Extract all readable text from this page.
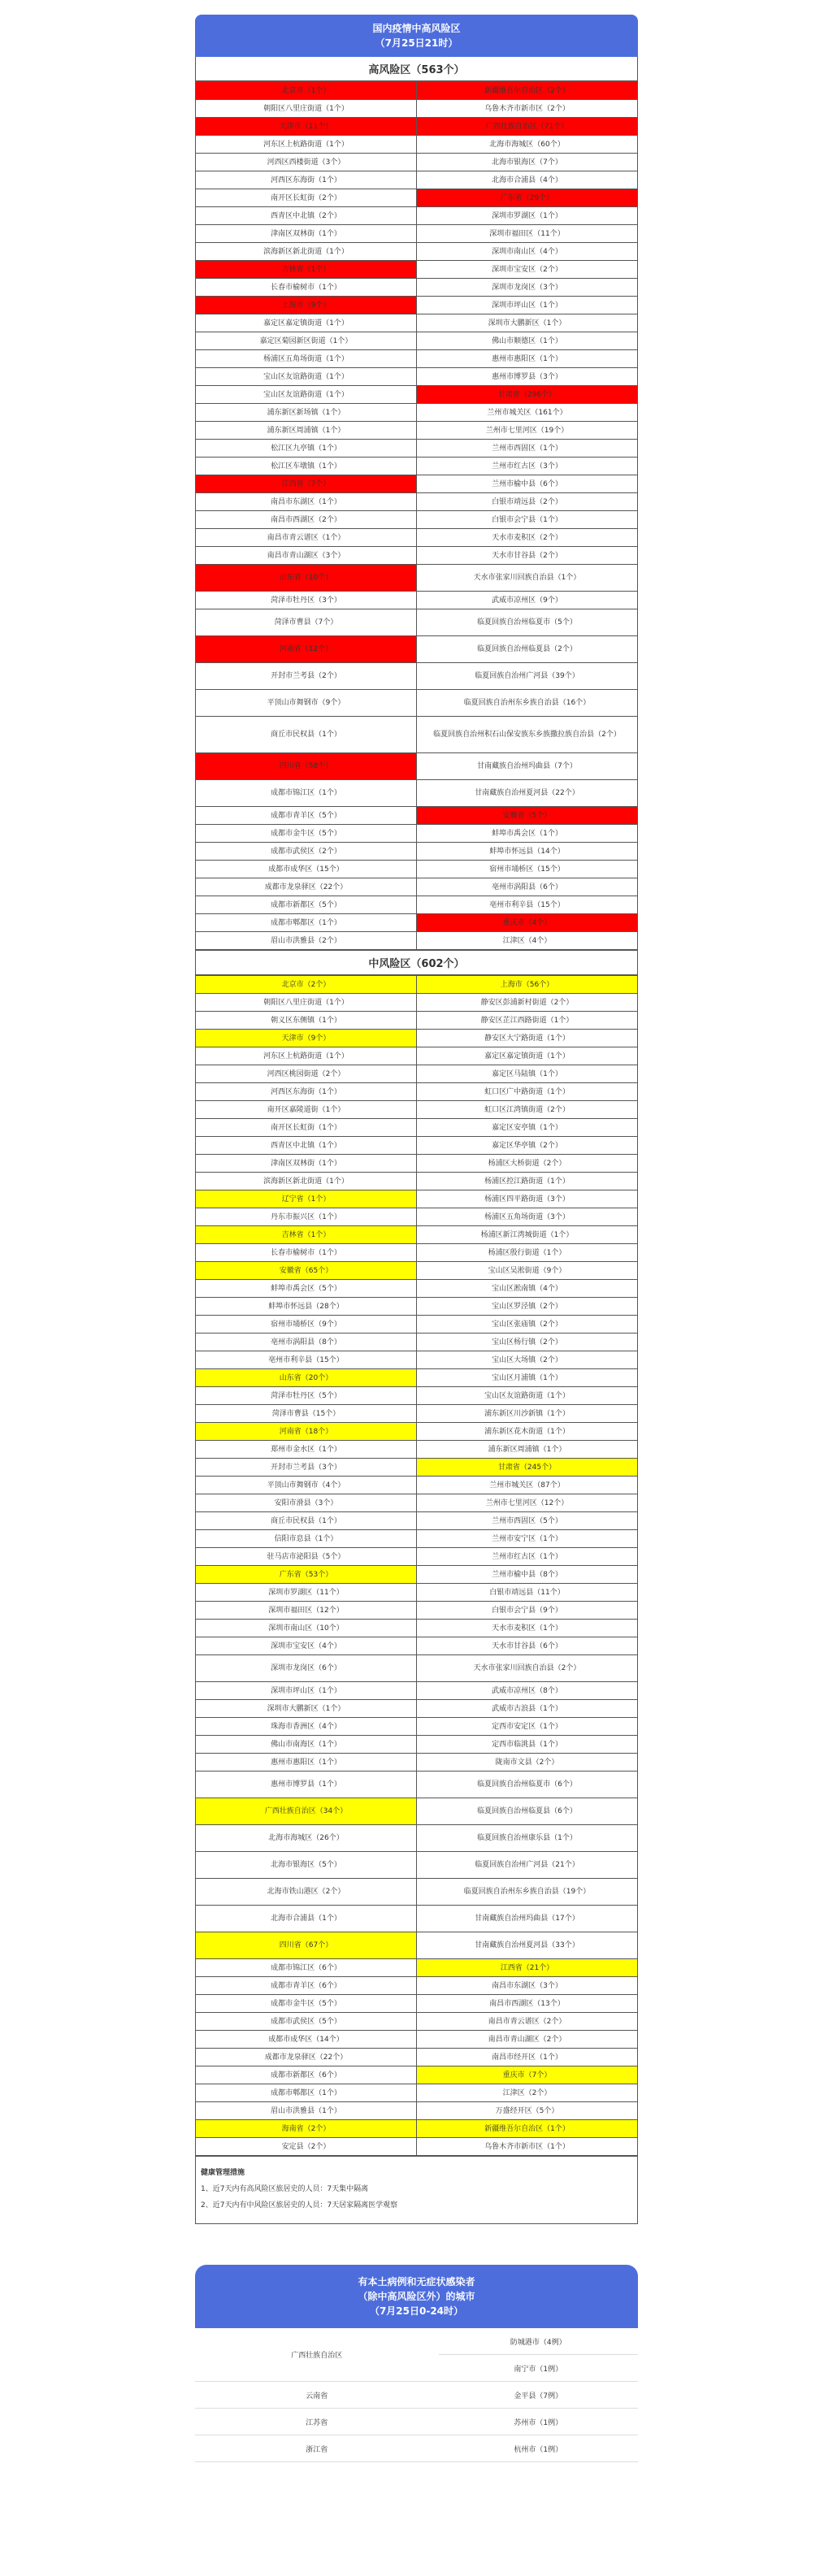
国内疫情中高风险区
（7月25日21时）
高风险区（563个）
北京市（1个）	新疆维吾尔自治区（2个）
朝阳区八里庄街道（1个）	乌鲁木齐市新市区（2个）
天津市（11个）	广西壮族自治区（71个）
河东区上杭路街道（1个）	北海市海城区（60个）
河西区西楼街道（3个）	北海市银海区（7个）
河西区东海街（1个）	北海市合浦县（4个）
南开区长虹街（2个）	广东省（29个）
西青区中北镇（2个）	深圳市罗湖区（1个）
津南区双林街（1个）	深圳市福田区（11个）
滨海新区新北街道（1个）	深圳市南山区（4个）
吉林省（1个）	深圳市宝安区（2个）
长春市榆树市（1个）	深圳市龙岗区（3个）
上海市（9个）	深圳市坪山区（1个）
嘉定区嘉定镇街道（1个）	深圳市大鹏新区（1个）
嘉定区菊园新区街道（1个）	佛山市顺德区（1个）
杨浦区五角场街道（1个）	惠州市惠阳区（1个）
宝山区友谊路街道（1个）	惠州市博罗县（3个）
宝山区友谊路街道（1个）	甘肃省（296个）
浦东新区新场镇（1个）	兰州市城关区（161个）
浦东新区周浦镇（1个）	兰州市七里河区（19个）
松江区九亭镇（1个）	兰州市西固区（1个）
松江区车墩镇（1个）	兰州市红古区（3个）
江西省（7个）	兰州市榆中县（6个）
南昌市东湖区（1个）	白银市靖远县（2个）
南昌市西湖区（2个）	白银市会宁县（1个）
南昌市青云谱区（1个）	天水市麦积区（2个）
南昌市青山湖区（3个）	天水市甘谷县（2个）
山东省（10个）	天水市张家川回族自治县（1个）
菏泽市牡丹区（3个）	武威市凉州区（9个）
菏泽市曹县（7个）	临夏回族自治州临夏市（5个）
河南省（12个）	临夏回族自治州临夏县（2个）
开封市兰考县（2个）	临夏回族自治州广河县（39个）
平顶山市舞钢市（9个）	临夏回族自治州东乡族自治县（16个）
商丘市民权县（1个）	临夏回族自治州积石山保安族东乡族撒拉族自治县（2个）
四川省（58个）	甘南藏族自治州玛曲县（7个）
成都市锦江区（1个）	甘南藏族自治州夏河县（22个）
成都市青羊区（5个）	安徽省（5个）
成都市金牛区（5个）	蚌埠市禹会区（1个）
成都市武侯区（2个）	蚌埠市怀远县（14个）
成都市成华区（15个）	宿州市埇桥区（15个）
成都市龙泉驿区（22个）	亳州市涡阳县（6个）
成都市新都区（5个）	亳州市利辛县（15个）
成都市郫都区（1个）	重庆市（4个）
眉山市洪雅县（2个）	江津区（4个）
中风险区（602个）
北京市（2个）	上海市（56个）
朝阳区八里庄街道（1个）	静安区彭浦新村街道（2个）
朝义区东侧镇（1个）	静安区芷江西路街道（1个）
天津市（9个）	静安区大宁路街道（1个）
河东区上杭路街道（1个）	嘉定区嘉定镇街道（1个）
河西区桃园街道（2个）	嘉定区马陆镇（1个）
河西区东海街（1个）	虹口区广中路街道（1个）
南开区嘉陵道街（1个）	虹口区江湾镇街道（2个）
南开区长虹街（1个）	嘉定区安亭镇（1个）
西青区中北镇（1个）	嘉定区华亭镇（2个）
津南区双林街（1个）	杨浦区大桥街道（2个）
滨海新区新北街道（1个）	杨浦区控江路街道（1个）
辽宁省（1个）	杨浦区四平路街道（3个）
丹东市振兴区（1个）	杨浦区五角场街道（3个）
吉林省（1个）	杨浦区新江湾城街道（1个）
长春市榆树市（1个）	杨浦区殷行街道（1个）
安徽省（65个）	宝山区吴淞街道（9个）
蚌埠市禹会区（5个）	宝山区淞南镇（4个）
蚌埠市怀远县（28个）	宝山区罗泾镇（2个）
宿州市埇桥区（9个）	宝山区张庙镇（2个）
亳州市涡阳县（8个）	宝山区杨行镇（2个）
亳州市利辛县（15个）	宝山区大场镇（2个）
山东省（20个）	宝山区月浦镇（1个）
菏泽市牡丹区（5个）	宝山区友谊路街道（1个）
菏泽市曹县（15个）	浦东新区川沙新镇（1个）
河南省（18个）	浦东新区花木街道（1个）
郑州市金水区（1个）	浦东新区周浦镇（1个）
开封市兰考县（3个）	甘肃省（245个）
平顶山市舞钢市（4个）	兰州市城关区（87个）
安阳市滑县（3个）	兰州市七里河区（12个）
商丘市民权县（1个）	兰州市西固区（5个）
信阳市息县（1个）	兰州市安宁区（1个）
驻马店市泌阳县（5个）	兰州市红古区（1个）
广东省（53个）	兰州市榆中县（8个）
深圳市罗湖区（11个）	白银市靖远县（11个）
深圳市福田区（12个）	白银市会宁县（9个）
深圳市南山区（10个）	天水市麦积区（1个）
深圳市宝安区（4个）	天水市甘谷县（6个）
深圳市龙岗区（6个）	天水市张家川回族自治县（2个）
深圳市坪山区（1个）	武威市凉州区（8个）
深圳市大鹏新区（1个）	武威市古浪县（1个）
珠海市香洲区（4个）	定西市安定区（1个）
佛山市南海区（1个）	定西市临洮县（1个）
惠州市惠阳区（1个）	陇南市文县（2个）
惠州市博罗县（1个）	临夏回族自治州临夏市（6个）
广西壮族自治区（34个）	临夏回族自治州临夏县（6个）
北海市海城区（26个）	临夏回族自治州康乐县（1个）
北海市银海区（5个）	临夏回族自治州广河县（21个）
北海市铁山港区（2个）	临夏回族自治州东乡族自治县（19个）
北海市合浦县（1个）	甘南藏族自治州玛曲县（17个）
四川省（67个）	甘南藏族自治州夏河县（33个）
成都市锦江区（6个）	江西省（21个）
成都市青羊区（6个）	南昌市东湖区（3个）
成都市金牛区（5个）	南昌市西湖区（13个）
成都市武侯区（5个）	南昌市青云谱区（2个）
成都市成华区（14个）	南昌市青山湖区（2个）
成都市龙泉驿区（22个）	南昌市经开区（1个）
成都市新都区（6个）	重庆市（7个）
成都市郫都区（1个）	江津区（2个）
眉山市洪雅县（1个）	万盛经开区（5个）
海南省（2个）	新疆维吾尔自治区（1个）
安定县（2个）	乌鲁木齐市新市区（1个）
健康管理措施
1、近7天内有高风险区旅居史的人员：7天集中隔离
2、近7天内有中风险区旅居史的人员：7天居家隔离医学观察
有本土病例和无症状感染者
（除中高风险区外）的城市
（7月25日0-24时）
广西壮族自治区	防城港市（4例）
	南宁市（1例）
云南省	金平县（7例）
江苏省	苏州市（1例）
浙江省	杭州市（1例）
